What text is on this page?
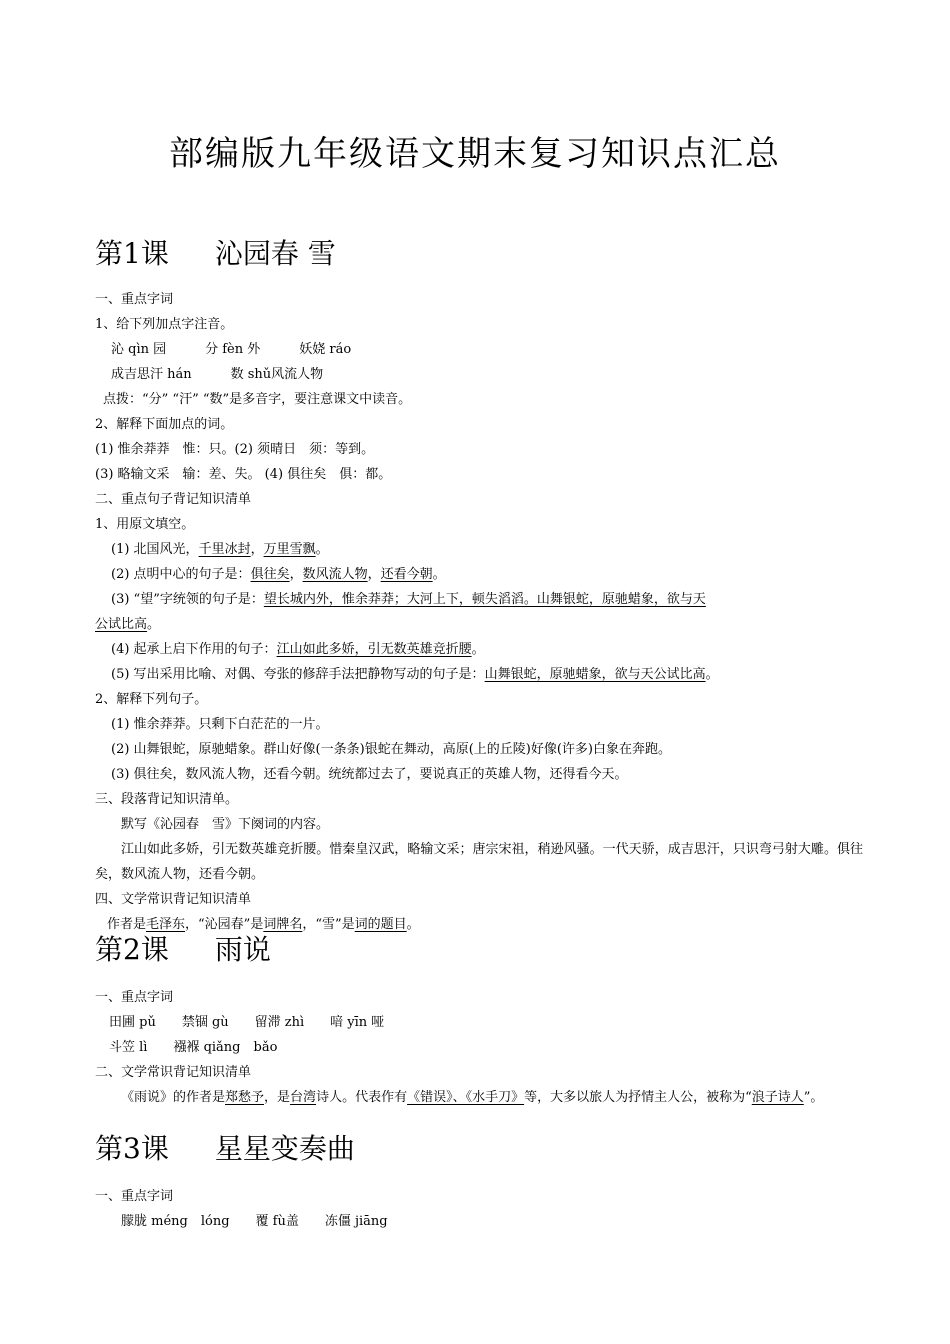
部编版九年级语文期末复习知识点汇总
第1课 沁园春 雪

一、重点字词

1、给下列加点字注音。

沁 qìn 园　　　分 fèn 外　　　妖娆 ráo

成吉思汗 hán　　　数 shǔ风流人物

点拨：“分” “汗” “数”是多音字，要注意课文中读音。

2、解释下面加点的词。

(1) 惟余莽莽　惟：只。(2) 须晴日　须：等到。

(3) 略输文采　输：差、失。 (4) 俱往矣　俱：都。

二、重点句子背记知识清单

1、用原文填空。

(1) 北国风光，千里冰封，万里雪飘。

(2) 点明中心的句子是：俱往矣，数风流人物，还看今朝。

(3) “望”字统领的句子是：望长城内外，惟余莽莽；大河上下，顿失滔滔。山舞银蛇，原驰蜡象，欲与天

公试比高。

(4) 起承上启下作用的句子：江山如此多娇，引无数英雄竞折腰。

(5) 写出采用比喻、对偶、夸张的修辞手法把静物写动的句子是：山舞银蛇，原驰蜡象，欲与天公试比高。

2、解释下列句子。

(1) 惟余莽莽。只剩下白茫茫的一片。

(2) 山舞银蛇，原驰蜡象。群山好像(一条条)银蛇在舞动，高原(上的丘陵)好像(许多)白象在奔跑。

(3) 俱往矣，数风流人物，还看今朝。统统都过去了，要说真正的英雄人物，还得看今天。

三、段落背记知识清单。

默写《沁园春　雪》下阕词的内容。

江山如此多娇，引无数英雄竞折腰。惜秦皇汉武，略输文采；唐宗宋祖，稍逊风骚。一代天骄，成吉思汗，只识弯弓射大雕。俱往矣，数风流人物，还看今朝。

四、文学常识背记知识清单

作者是毛泽东，“沁园春”是词牌名，“雪”是词的题目。

第2课 雨说

一、重点字词

田圃 pǔ　　禁锢 gù　　留滞 zhì　　喑 yīn 哑

斗笠 lì　　襁褓 qiǎng　bǎo

二、文学常识背记知识清单

《雨说》的作者是郑愁予，是台湾诗人。代表作有《错误》、《水手刀》等，大多以旅人为抒情主人公，被称为“浪子诗人”。

第3课 星星变奏曲

一、重点字词

朦胧 méng　lóng　　覆 fù盖　　冻僵 jiāng
